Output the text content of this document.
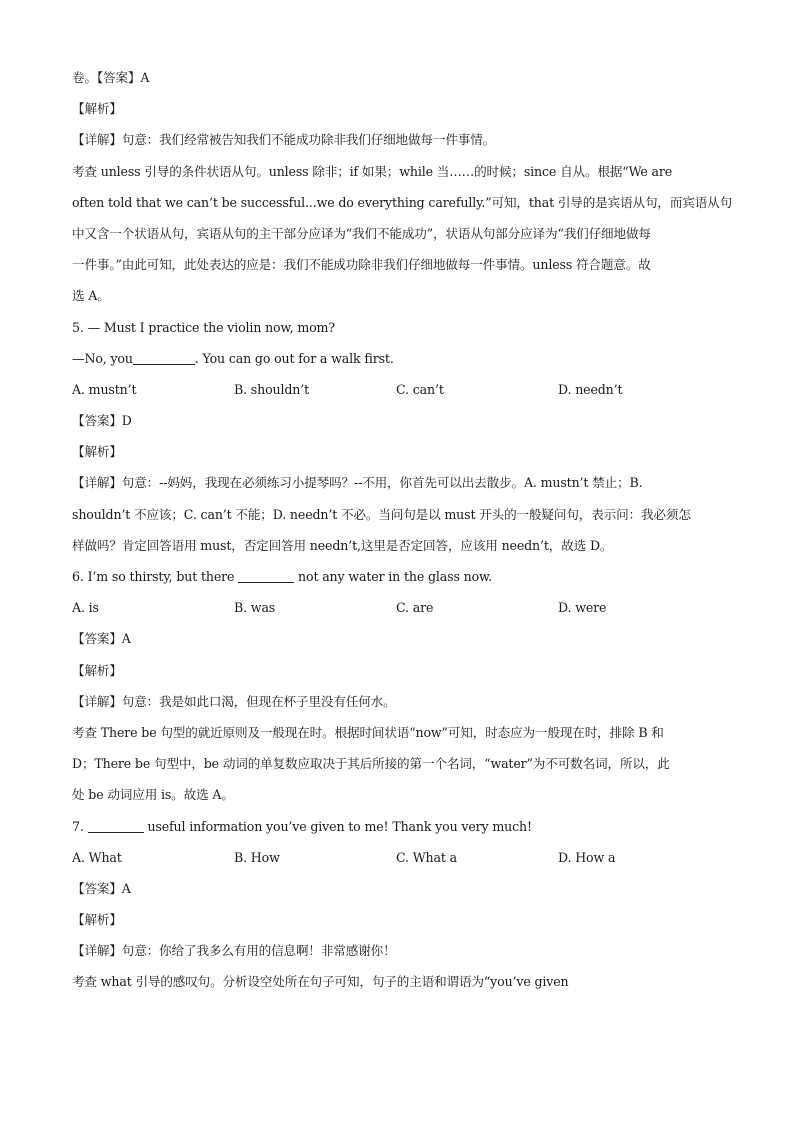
卷。【答案】A
【解析】
【详解】句意：我们经常被告知我们不能成功除非我们仔细地做每一件事情。
考查 unless 引导的条件状语从句。unless 除非；if 如果；while 当……的时候；since 自从。根据“We are
often told that we can’t be successful...we do everything carefully.”可知，that 引导的是宾语从句，而宾语从句
中又含一个状语从句，宾语从句的主干部分应译为“我们不能成功”，状语从句部分应译为“我们仔细地做每
一件事。”由此可知，此处表达的应是：我们不能成功除非我们仔细地做每一件事情。unless 符合题意。故
选 A。
5. — Must I practice the violin now, mom?
—No, you	. You can go out for a walk first.
A. mustn’t	B. shouldn’t	C. can’t	D. needn’t
【答案】D
【解析】
【详解】句意：--妈妈，我现在必须练习小提琴吗？--不用，你首先可以出去散步。A. mustn’t 禁止；B.
shouldn’t 不应该；C. can’t 不能；D. needn’t 不必。当问句是以 must 开头的一般疑问句，表示问：我必须怎
样做吗？肯定回答语用 must，否定回答用 needn’t,这里是否定回答，应该用 needn’t，故选 D。
6. I’m so thirsty, but there	not any water in the glass now.
A. is	B. was	C. are	D. were
【答案】A
【解析】
【详解】句意：我是如此口渴，但现在杯子里没有任何水。
考查 There be 句型的就近原则及一般现在时。根据时间状语“now”可知，时态应为一般现在时，排除 B 和
D；There be 句型中，be 动词的单复数应取决于其后所接的第一个名词，“water”为不可数名词，所以，此
处 be 动词应用 is。故选 A。
7.	useful information you’ve given to me! Thank you very much!
A. What	B. How	C. What a	D. How a
【答案】A
【解析】
【详解】句意：你给了我多么有用的信息啊！非常感谢你！
考查 what 引导的感叹句。分析设空处所在句子可知，句子的主语和谓语为“you’ve given
